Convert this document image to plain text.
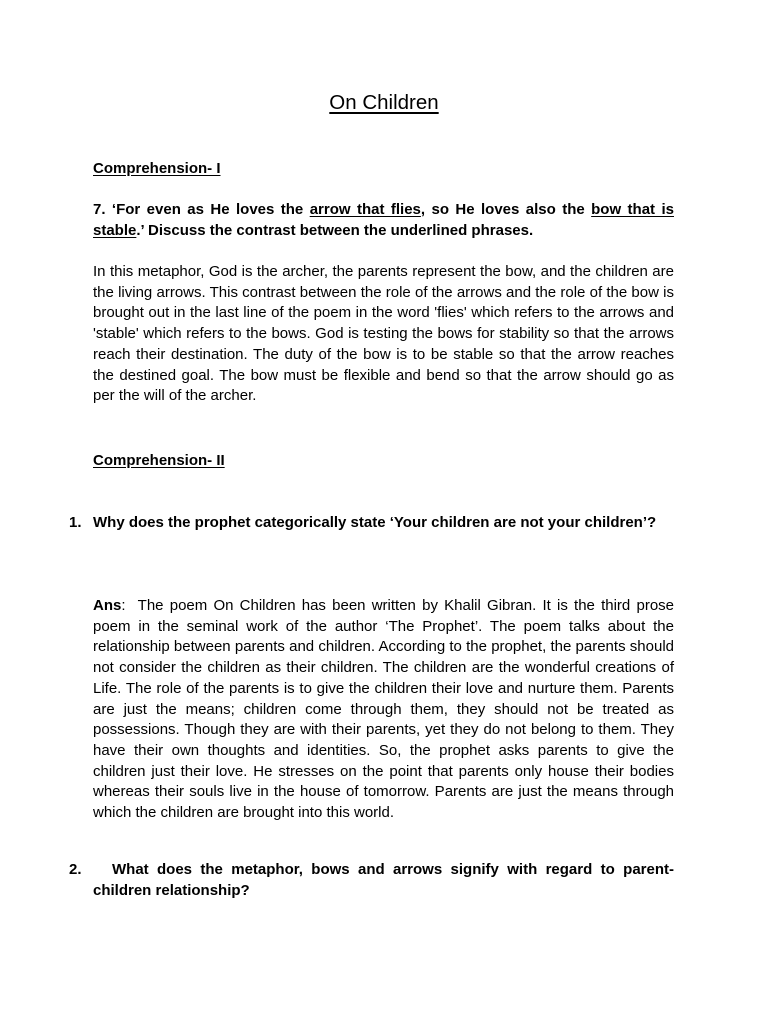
On Children
Comprehension- I
7. ‘For even as He loves the arrow that flies, so He loves also the bow that is stable.’ Discuss the contrast between the underlined phrases.
In this metaphor, God is the archer, the parents represent the bow, and the children are the living arrows. This contrast between the role of the arrows and the role of the bow is brought out in the last line of the poem in the word 'flies' which refers to the arrows and 'stable' which refers to the bows. God is testing the bows for stability so that the arrows reach their destination. The duty of the bow is to be stable so that the arrow reaches the destined goal. The bow must be flexible and bend so that the arrow should go as per the will of the archer.
Comprehension- II
1. Why does the prophet categorically state ‘Your children are not your children’?
Ans:  The poem On Children has been written by Khalil Gibran. It is the third prose poem in the seminal work of the author ‘The Prophet’. The poem talks about the relationship between parents and children. According to the prophet, the parents should not consider the children as their children. The children are the wonderful creations of Life. The role of the parents is to give the children their love and nurture them. Parents are just the means; children come through them, they should not be treated as possessions. Though they are with their parents, yet they do not belong to them. They have their own thoughts and identities. So, the prophet asks parents to give the children just their love. He stresses on the point that parents only house their bodies whereas their souls live in the house of tomorrow. Parents are just the means through which the children are brought into this world.
2.	What does the metaphor, bows and arrows signify with regard to parent-children relationship?
